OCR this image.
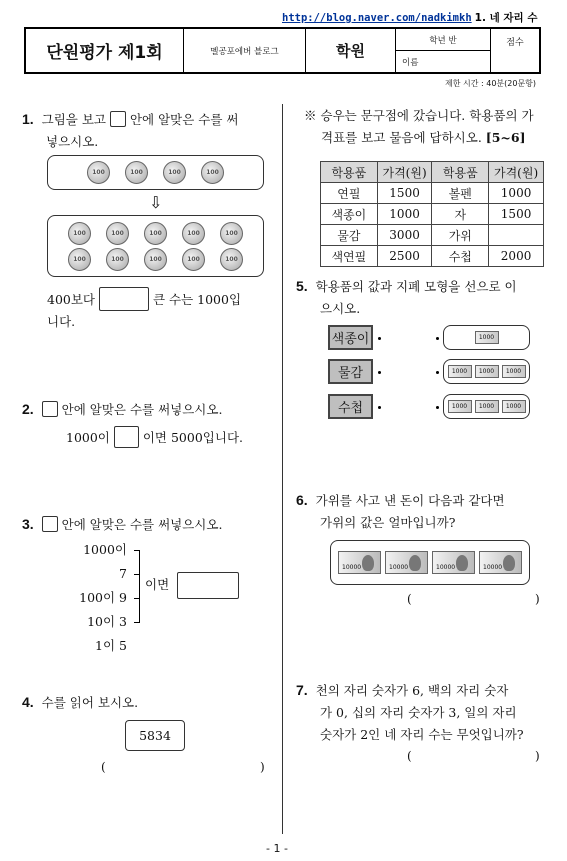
http://blog.naver.com/nadkimkh 1. 네 자리 수
단원평가 제1회	멜공포에버 블로그	학원
학년 반
이름
점수
제한 시간 : 40분(20문항)
1. 그림을 보고 안에 알맞은 수를 써
넣으시오.
100	100	100	100
⇩
100	100	100	100	100
100	100	100	100	100
400보다	큰 수는 1000입
니다.
2. 안에 알맞은 수를 써넣으시오.
1000이	이면 5000입니다.
3. 안에 알맞은 수를 써넣으시오.
1000이 7
100이 9
10이 3
1이 5
이면
4. 수를 읽어 보시오.
5834
(	)
※ 승우는 문구점에 갔습니다. 학용품의 가
격표를 보고 물음에 답하시오. [5~6]
학용품	가격(원)	학용품	가격(원)
연필	1500	볼펜	1000
색종이	1000	자	1500
물감	3000	가위	
색연필	2500	수첩	2000
5. 학용품의 값과 지폐 모형을 선으로 이
으시오.
색종이
물감
수첩
1000
1000	1000	1000
1000	1000	1000
6. 가위를 사고 낸 돈이 다음과 같다면
가위의 값은 얼마입니까?
10000	10000	10000	10000
(	)
7. 천의 자리 숫자가 6, 백의 자리 숫자
가 0, 십의 자리 숫자가 3, 일의 자리
숫자가 2인 네 자리 수는 무엇입니까?
(	)
- 1 -
